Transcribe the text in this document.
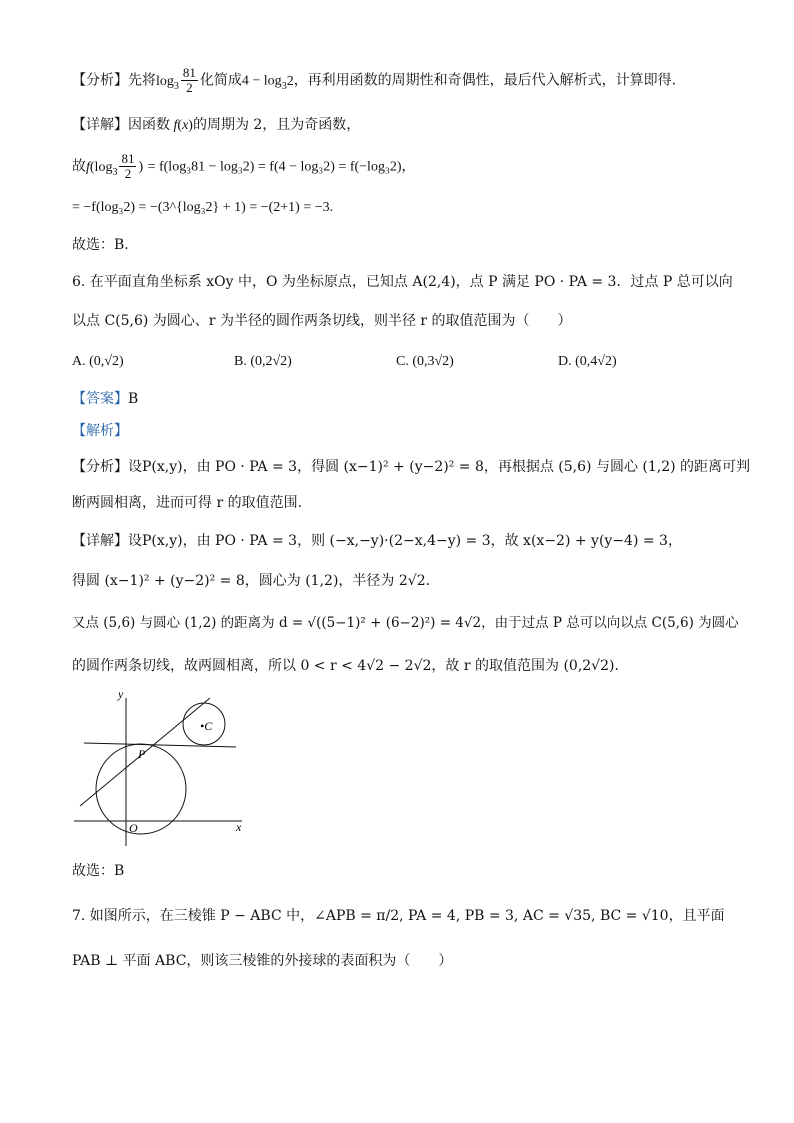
【分析】先将$\log_3 \frac{81}{2}$ 化简成$4 - \log_32$，再利用函数的周期性和奇偶性，最后代入解析式，计算即得.
【详解】因函数 f(x)的周期为 2，且为奇函数，
故$f(\log_3 \frac{81}{2}$ ) = f(log₃81 − log₃2) = f(4 − log₃2) = f(−log₃2)，
= −f(log₃2) = −(3^{log₃2} + 1) = −(2+1) = −3.
故选：B．
6. 在平面直角坐标系 xOy 中，O 为坐标原点，已知点 A(2,4)，点 P 满足 PO · PA = 3．过点 P 总可以向
以点 C(5,6) 为圆心、r 为半径的圆作两条切线，则半径 r 的取值范围为（　　）
A. (0,√2)	B. (0,2√2)	C. (0,3√2)	D. (0,4√2)
【答案】B
【解析】
【分析】设P(x,y)，由 PO · PA = 3，得圆 (x−1)² + (y−2)² = 8，再根据点 (5,6) 与圆心 (1,2) 的距离可判
断两圆相离，进而可得 r 的取值范围.
【详解】设P(x,y)，由 PO · PA = 3，则 (−x,−y)·(2−x,4−y) = 3，故 x(x−2) + y(y−4) = 3，
得圆 (x−1)² + (y−2)² = 8，圆心为 (1,2)，半径为 2√2．
又点 (5,6) 与圆心 (1,2) 的距离为 d = √((5−1)² + (6−2)²) = 4√2，由于过点 P 总可以向以点 C(5,6) 为圆心
的圆作两条切线，故两圆相离，所以 0 < r < 4√2 − 2√2，故 r 的取值范围为 (0,2√2)．
y
x
O
P
•C
故选：B
7. 如图所示，在三棱锥 P − ABC 中，∠APB = π/2, PA = 4, PB = 3, AC = √35, BC = √10，且平面
PAB ⊥ 平面 ABC，则该三棱锥的外接球的表面积为（　　）
